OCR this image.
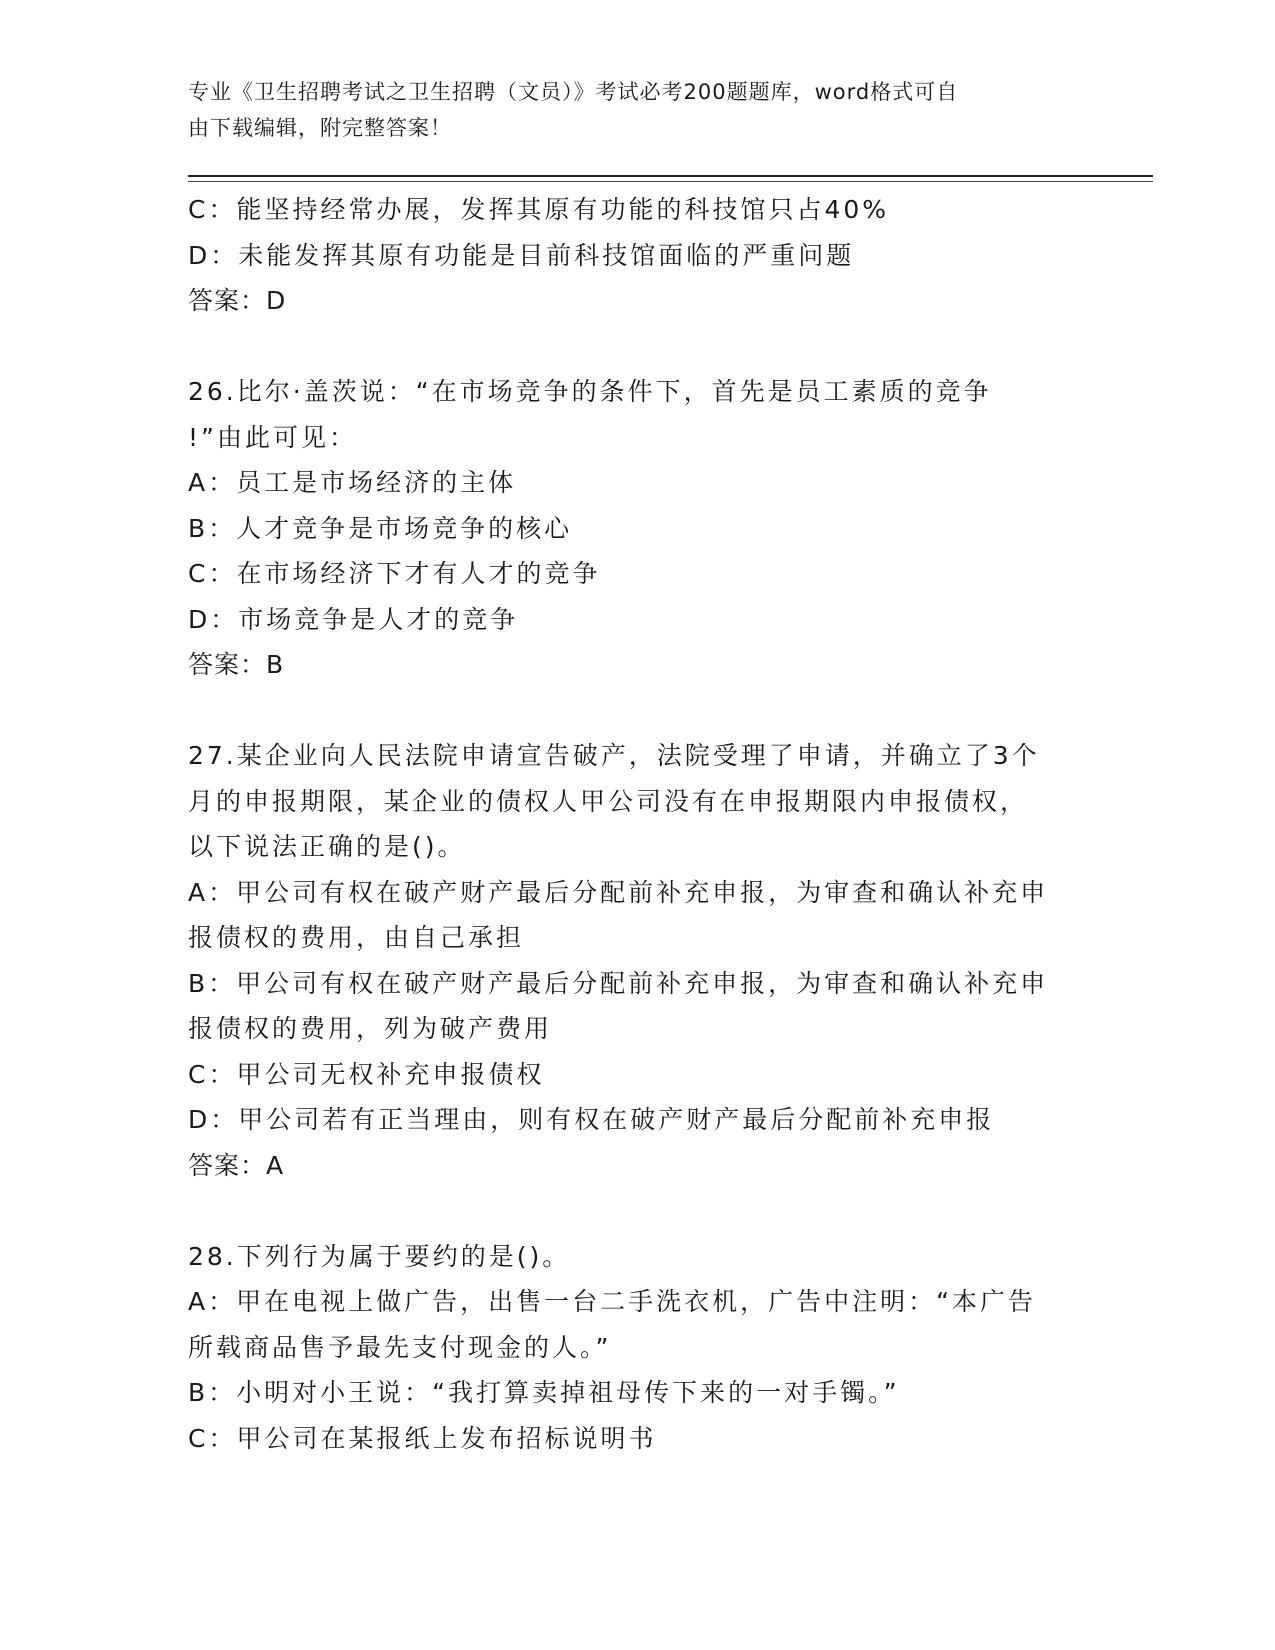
专业《卫生招聘考试之卫生招聘（文员）》考试必考200题题库，word格式可自
由下载编辑，附完整答案！
C：能坚持经常办展，发挥其原有功能的科技馆只占40%
D：未能发挥其原有功能是目前科技馆面临的严重问题
答案：D
26.比尔·盖茨说：“在市场竞争的条件下，首先是员工素质的竞争
!”由此可见：
A：员工是市场经济的主体
B：人才竞争是市场竞争的核心
C：在市场经济下才有人才的竞争
D：市场竞争是人才的竞争
答案：B
27.某企业向人民法院申请宣告破产，法院受理了申请，并确立了3个
月的申报期限，某企业的债权人甲公司没有在申报期限内申报债权，
以下说法正确的是()。
A：甲公司有权在破产财产最后分配前补充申报，为审查和确认补充申
报债权的费用，由自己承担
B：甲公司有权在破产财产最后分配前补充申报，为审查和确认补充申
报债权的费用，列为破产费用
C：甲公司无权补充申报债权
D：甲公司若有正当理由，则有权在破产财产最后分配前补充申报
答案：A
28.下列行为属于要约的是()。
A：甲在电视上做广告，出售一台二手洗衣机，广告中注明：“本广告
所载商品售予最先支付现金的人。”
B：小明对小王说：“我打算卖掉祖母传下来的一对手镯。”
C：甲公司在某报纸上发布招标说明书
